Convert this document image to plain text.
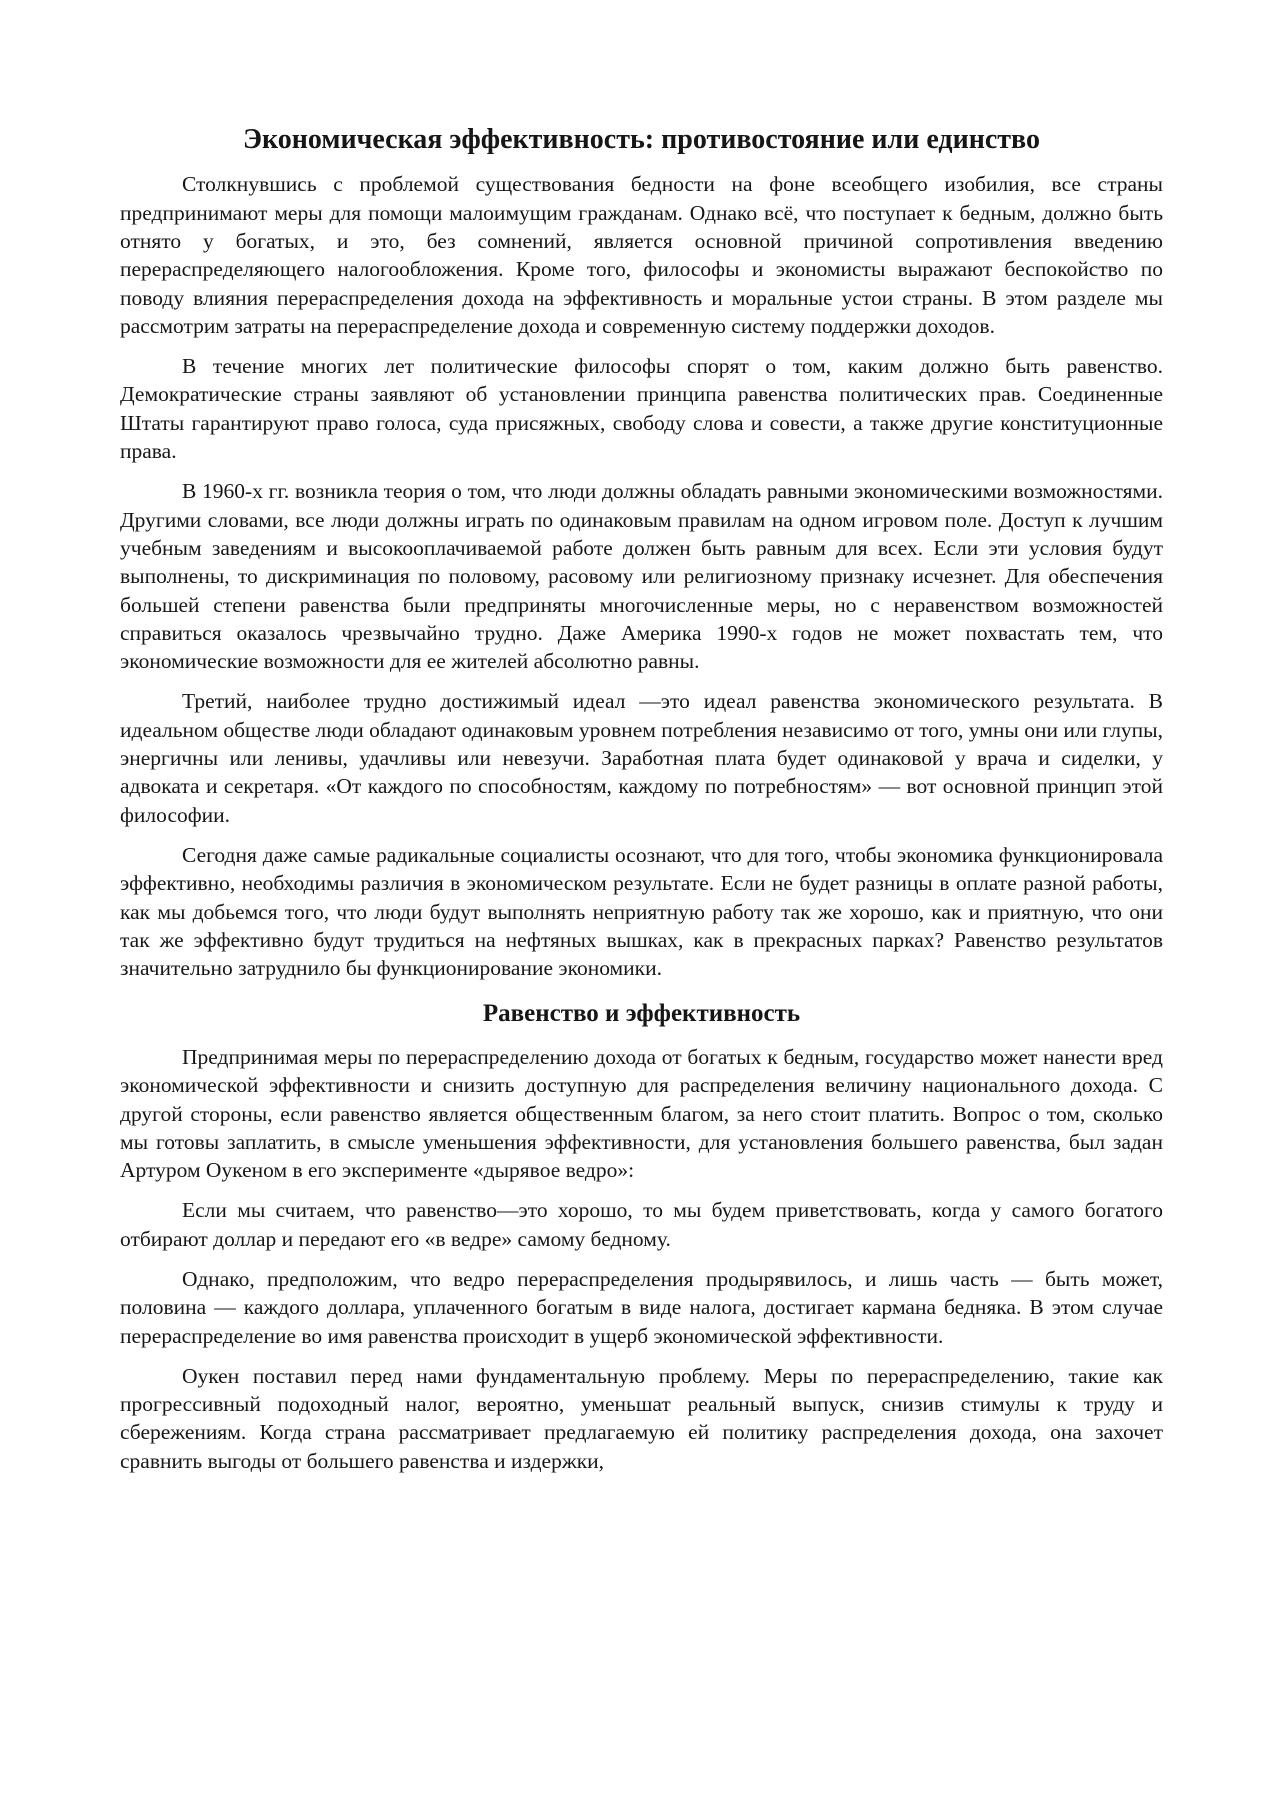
Экономическая эффективность: противостояние или единство

Столкнувшись с проблемой существования бедности на фоне всеобщего изобилия, все страны предпринимают меры для помощи малоимущим гражданам. Однако всё, что поступает к бедным, должно быть отнято у богатых, и это, без сомнений, является основной причиной сопротивления введению перераспределяющего налогообложения. Кроме того, философы и экономисты выражают беспокойство по поводу влияния перераспределения дохода на эффективность и моральные устои страны. В этом разделе мы рассмотрим затраты на перераспределение дохода и современную систему поддержки доходов.

В течение многих лет политические философы спорят о том, каким должно быть равенство. Демократические страны заявляют об установлении принципа равенства политических прав. Соединенные Штаты гарантируют право голоса, суда присяжных, свободу слова и совести, а также другие конституционные права.

В 1960-х гг. возникла теория о том, что люди должны обладать равными экономическими возможностями. Другими словами, все люди должны играть по одинаковым правилам на одном игровом поле. Доступ к лучшим учебным заведениям и высокооплачиваемой работе должен быть равным для всех. Если эти условия будут выполнены, то дискриминация по половому, расовому или религиозному признаку исчезнет. Для обеспечения большей степени равенства были предприняты многочисленные меры, но с неравенством возможностей справиться оказалось чрезвычайно трудно. Даже Америка 1990-х годов не может похвастать тем, что экономические возможности для ее жителей абсолютно равны.

Третий, наиболее трудно достижимый идеал —это идеал равенства экономического результата. В идеальном обществе люди обладают одинаковым уровнем потребления независимо от того, умны они или глупы, энергичны или ленивы, удачливы или невезучи. Заработная плата будет одинаковой у врача и сиделки, у адвоката и секретаря. «От каждого по способностям, каждому по потребностям» — вот основной принцип этой философии.

Сегодня даже самые радикальные социалисты осознают, что для того, чтобы экономика функционировала эффективно, необходимы различия в экономическом результате. Если не будет разницы в оплате разной работы, как мы добьемся того, что люди будут выполнять неприятную работу так же хорошо, как и приятную, что они так же эффективно будут трудиться на нефтяных вышках, как в прекрасных парках? Равенство результатов значительно затруднило бы функционирование экономики.

Равенство и эффективность

Предпринимая меры по перераспределению дохода от богатых к бедным, государство может нанести вред экономической эффективности и снизить доступную для распределения величину национального дохода. С другой стороны, если равенство является общественным благом, за него стоит платить. Вопрос о том, сколько мы готовы заплатить, в смысле уменьшения эффективности, для установления большего равенства, был задан Артуром Оукеном в его эксперименте «дырявое ведро»:

Если мы считаем, что равенство—это хорошо, то мы будем приветствовать, когда у самого богатого отбирают доллар и передают его «в ведре» самому бедному.

Однако, предположим, что ведро перераспределения продырявилось, и лишь часть — быть может, половина — каждого доллара, уплаченного богатым в виде налога, достигает кармана бедняка. В этом случае перераспределение во имя равенства происходит в ущерб экономической эффективности.

Оукен поставил перед нами фундаментальную проблему. Меры по перераспределению, такие как прогрессивный подоходный налог, вероятно, уменьшат реальный выпуск, снизив стимулы к труду и сбережениям. Когда страна рассматривает предлагаемую ей политику распределения дохода, она захочет сравнить выгоды от большего равенства и издержки,
